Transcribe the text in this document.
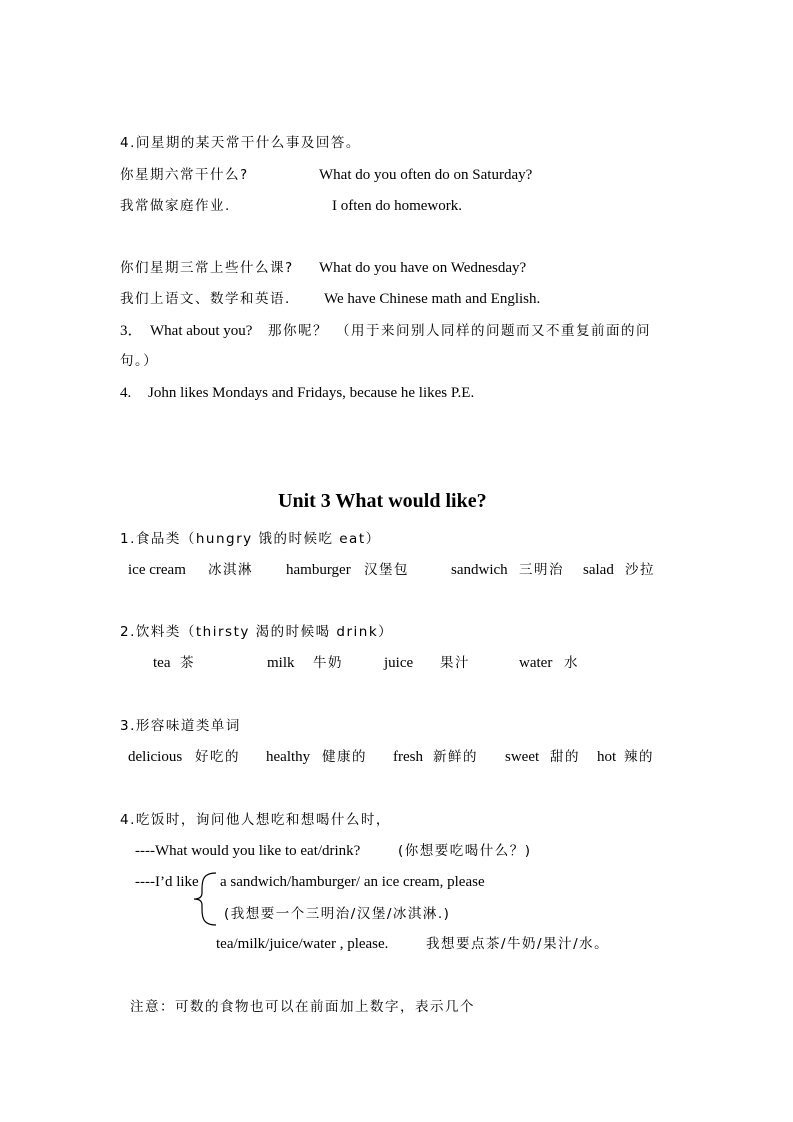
4.问星期的某天常干什么事及回答。
你星期六常干什么?	What do you often do on Saturday?
我常做家庭作业.	I often do homework.
你们星期三常上些什么课? What do you have on Wednesday?
我们上语文、数学和英语. We have Chinese math and English.
3． What about you? 那你呢？ （用于来问别人同样的问题而又不重复前面的问
句。）
4. John likes Mondays and Fridays, because he likes P.E.
Unit 3 What would like?
1.食品类（hungry 饿的时候吃 eat）
ice cream 冰淇淋 hamburger 汉堡包	sandwich 三明治 salad 沙拉
2.饮料类（thirsty 渴的时候喝 drink）
tea 茶	milk 牛奶	juice 果汁	water 水
3.形容味道类单词
delicious 好吃的 healthy 健康的 fresh 新鲜的 sweet 甜的 hot 辣的
4.吃饭时，询问他人想吃和想喝什么时，
----What would you like to eat/drink?	(你想要吃喝什么？)
----I’d like a sandwich/hamburger/ an ice cream, please
(我想要一个三明治/汉堡/冰淇淋.)
tea/milk/juice/water , please.	我想要点茶/牛奶/果汁/水。
注意：可数的食物也可以在前面加上数字，表示几个
